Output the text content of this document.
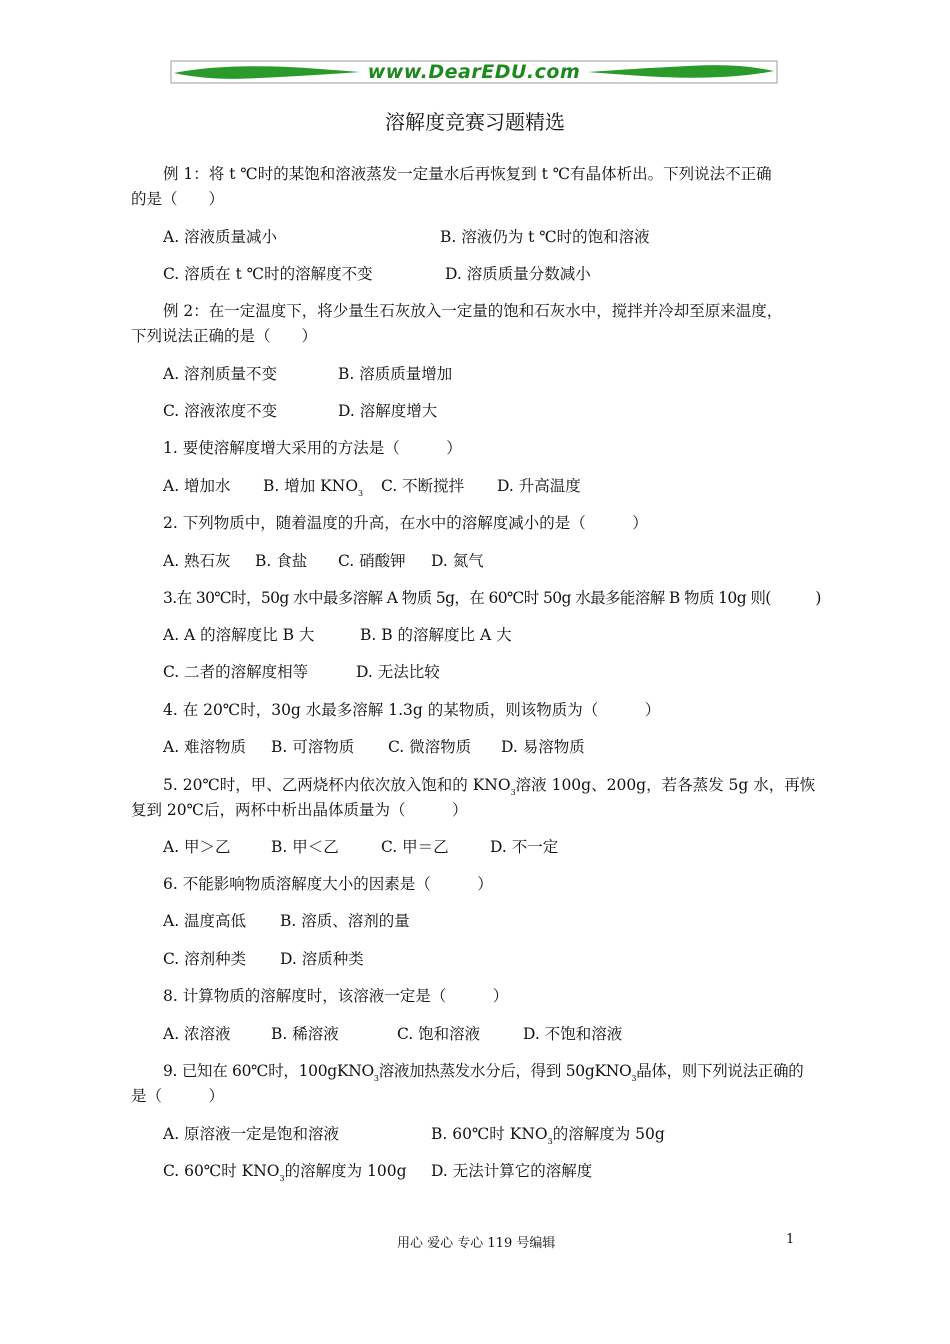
www.DearEDU.com
溶解度竞赛习题精选
例 1：将 t ℃时的某饱和溶液蒸发一定量水后再恢复到 t ℃有晶体析出。下列说法不正确
的是（　　）
A. 溶液质量减小	B. 溶液仍为 t ℃时的饱和溶液
C. 溶质在 t ℃时的溶解度不变	D. 溶质质量分数减小
例 2：在一定温度下，将少量生石灰放入一定量的饱和石灰水中，搅拌并冷却至原来温度，
下列说法正确的是（　　）
A. 溶剂质量不变	B. 溶质质量增加
C. 溶液浓度不变	D. 溶解度增大
1. 要使溶解度增大采用的方法是（　　　）
A. 增加水 B. 增加 $KNO_3$ C. 不断搅拌 D. 升高温度
2. 下列物质中，随着温度的升高，在水中的溶解度减小的是（　　　）
A. 熟石灰 B. 食盐 C. 硝酸钾 D. 氮气
3.在 30℃时，50g 水中最多溶解 A 物质 5g，在 60℃时 50g 水最多能溶解 B 物质 10g 则(　　　)
A. A 的溶解度比 B 大	B. B 的溶解度比 A 大
C. 二者的溶解度相等	D. 无法比较
4. 在 20℃时，30g 水最多溶解 1.3g 的某物质，则该物质为（　　　）
A. 难溶物质 B. 可溶物质 C. 微溶物质 D. 易溶物质
5. 20℃时，甲、乙两烧杯内依次放入饱和的 $KNO_3$溶液 100g、200g，若各蒸发 5g 水，再恢
复到 20℃后，两杯中析出晶体质量为（　　　）
A. 甲＞乙	B. 甲＜乙	C. 甲＝乙	D. 不一定
6. 不能影响物质溶解度大小的因素是（　　　）
A. 温度高低 B. 溶质、溶剂的量
C. 溶剂种类 D. 溶质种类
8. 计算物质的溶解度时，该溶液一定是（　　　）
A. 浓溶液	B. 稀溶液	C. 饱和溶液	D. 不饱和溶液
9. 已知在 60℃时，100gKNO$_3$溶液加热蒸发水分后，得到 50gKNO$_3$晶体，则下列说法正确的
是（　　　）
A. 原溶液一定是饱和溶液	B. 60℃时 $KNO_3$的溶解度为 50g
C. 60℃时 $KNO_3$的溶解度为 100g D. 无法计算它的溶解度
用心 爱心 专心 119 号编辑	1
